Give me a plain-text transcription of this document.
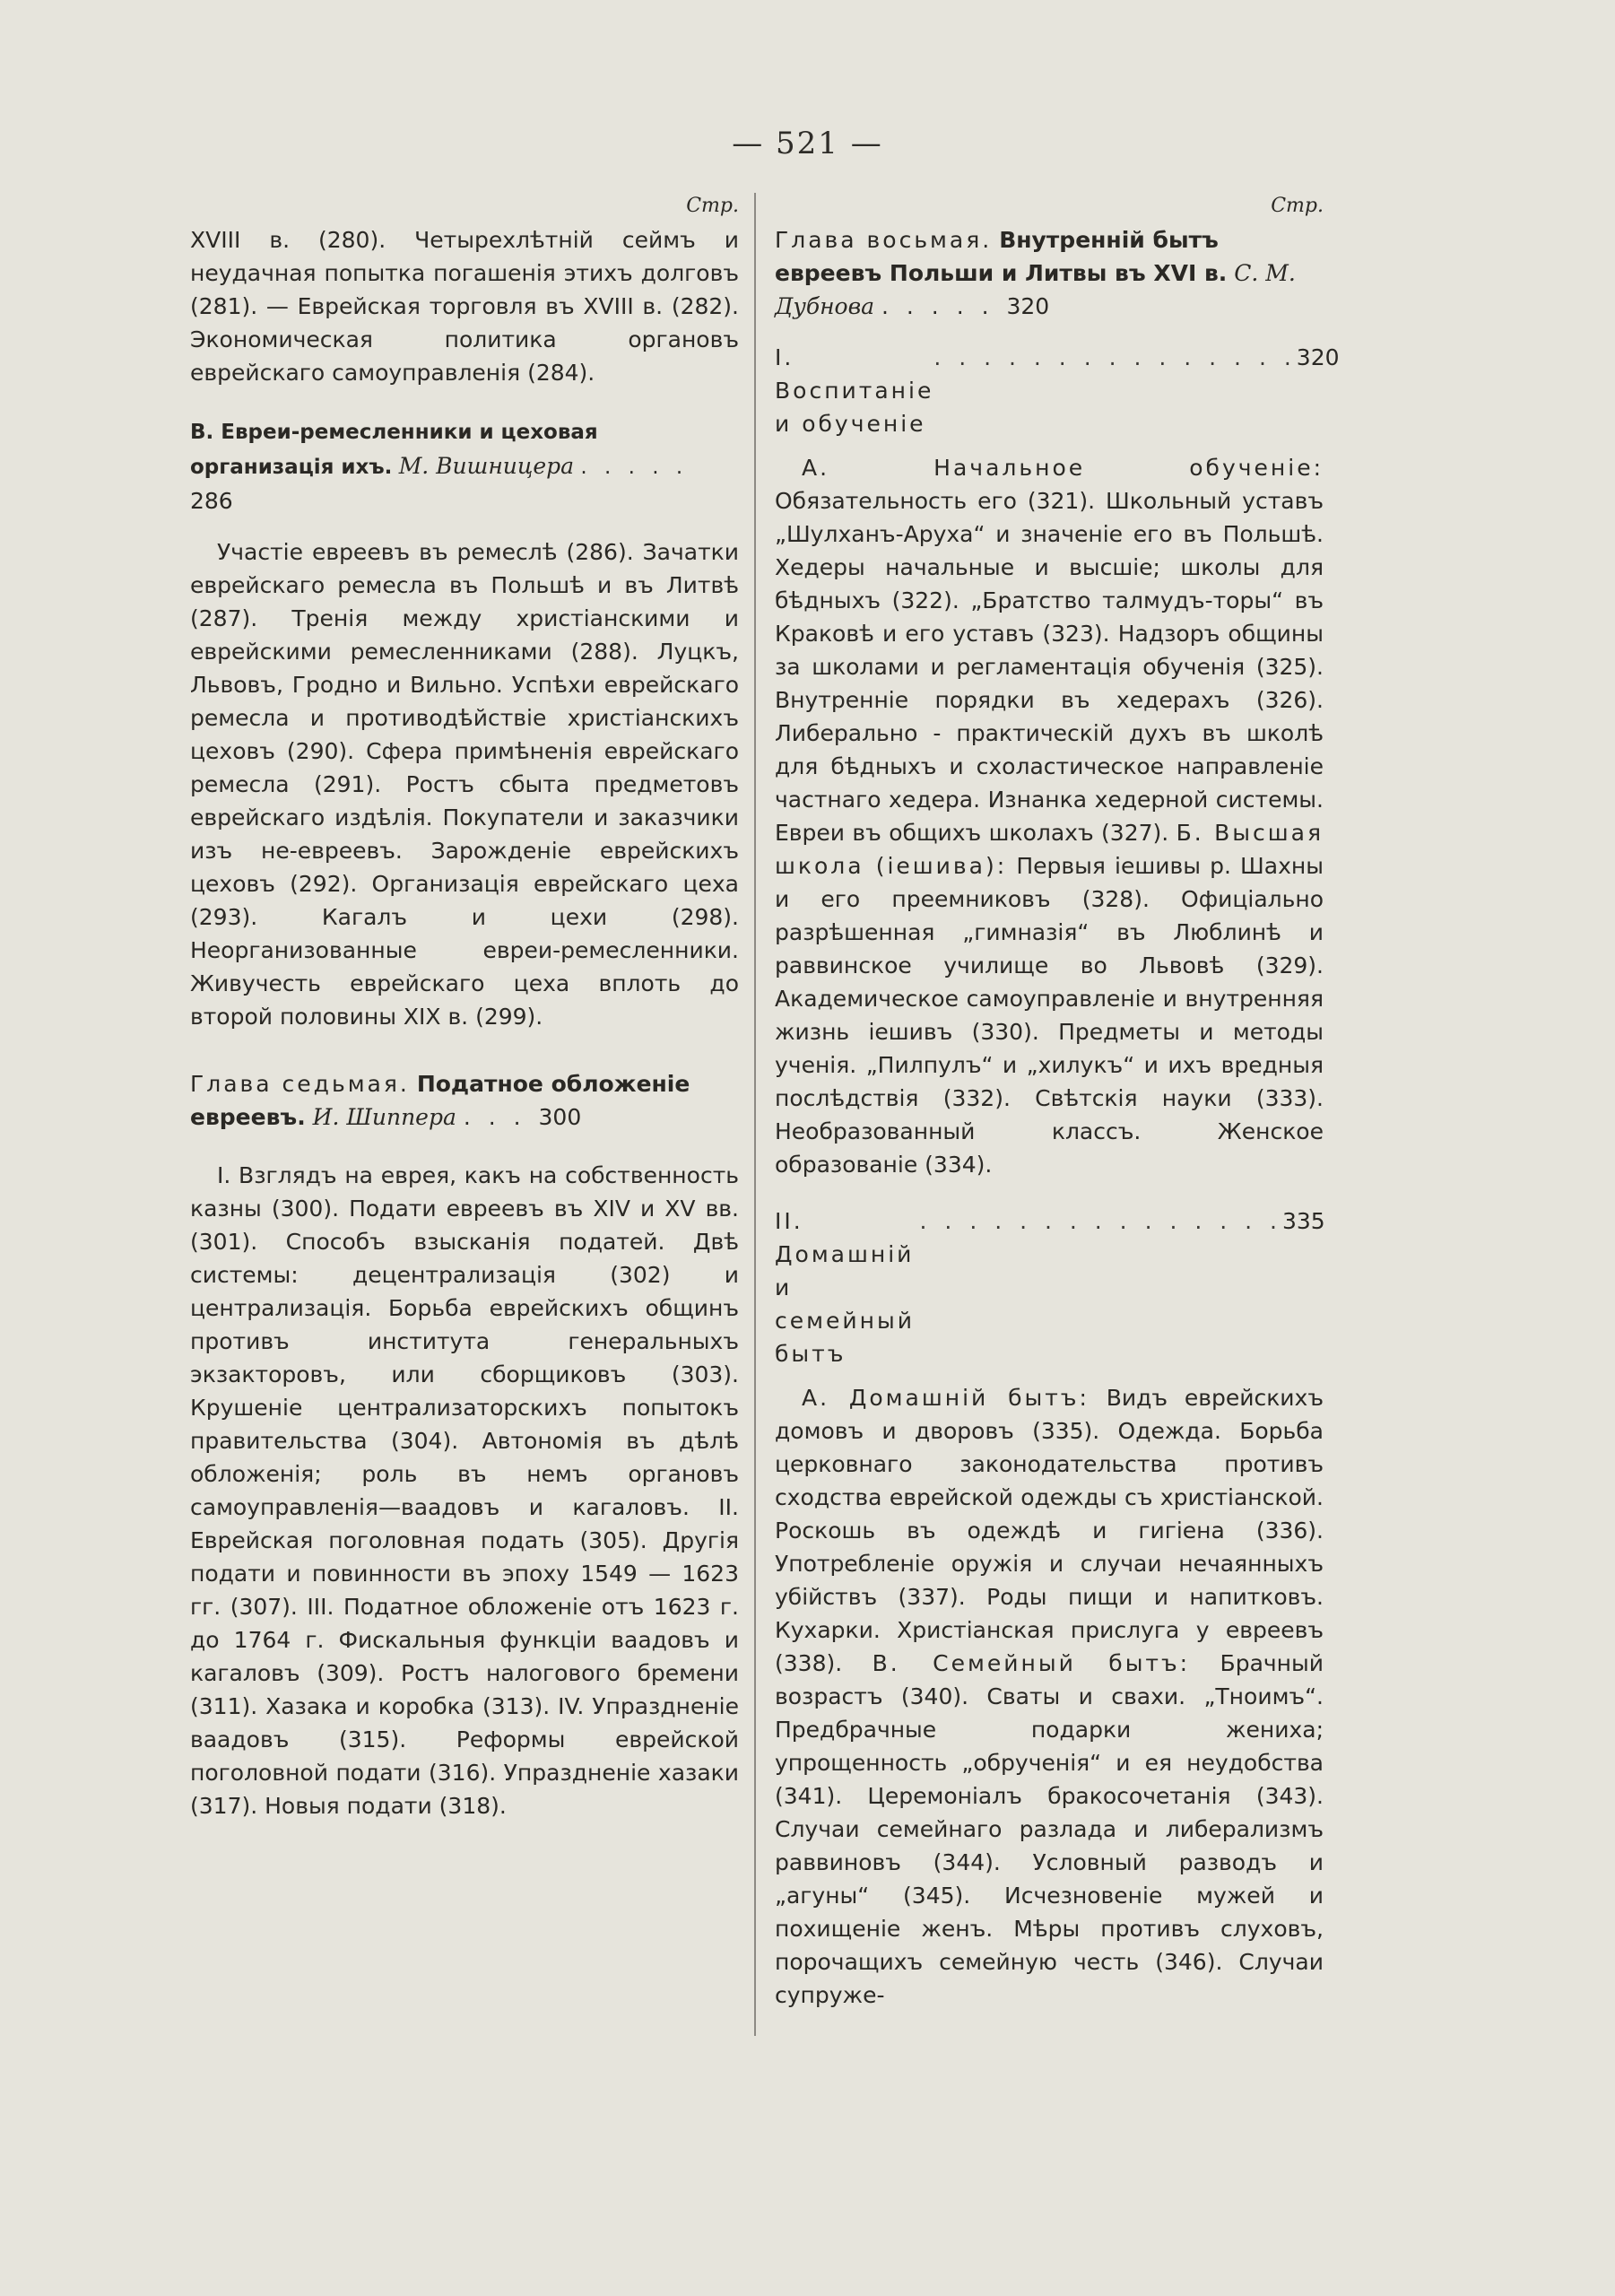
— 521 —
Стр.

XVIII в. (280). Четырехлѣтній сеймъ и неудачная попытка погашенія этихъ долговъ (281). — Еврейская торговля въ XVIII в. (282). Экономическая политика органовъ еврейскаго самоуправленія (284).

В. Евреи-ремесленники и цеховая организація ихъ. М. Вишницера . . . . . 286

Участіе евреевъ въ ремеслѣ (286). Зачатки еврейскаго ремесла въ Польшѣ и въ Литвѣ (287). Тренія между христіанскими и еврейскими ремесленниками (288). Луцкъ, Львовъ, Гродно и Вильно. Успѣхи еврейскаго ремесла и противодѣйствіе христіанскихъ цеховъ (290). Сфера примѣненія еврейскаго ремесла (291). Ростъ сбыта предметовъ еврейскаго издѣлія. Покупатели и заказчики изъ не-евреевъ. Зарожденіе еврейскихъ цеховъ (292). Организація еврейскаго цеха (293). Кагалъ и цехи (298). Неорганизованные евреи-ремесленники. Живучесть еврейскаго цеха вплоть до второй половины XIX в. (299).

Глава седьмая. Податное обложеніе евреевъ. И. Шиппера . . . 300

I. Взглядъ на еврея, какъ на собственность казны (300). Подати евреевъ въ XIV и XV вв. (301). Способъ взысканія податей. Двѣ системы: децентрализація (302) и централизація. Борьба еврейскихъ общинъ противъ института генеральныхъ экзакторовъ, или сборщиковъ (303). Крушеніе централизаторскихъ попытокъ правительства (304). Автономія въ дѣлѣ обложенія; роль въ немъ органовъ самоуправленія—ваадовъ и кагаловъ. II. Еврейская поголовная подать (305). Другія подати и повинности въ эпоху 1549 — 1623 гг. (307). III. Податное обложеніе отъ 1623 г. до 1764 г. Фискальныя функціи ваадовъ и кагаловъ (309). Ростъ налогового бремени (311). Хазака и коробка (313). IV. Упраздненіе ваадовъ (315). Реформы еврейской поголовной подати (316). Упраздненіе хазаки (317). Новыя подати (318).

Стр.
Глава восьмая. Внутренній бытъ евреевъ Польши и Литвы въ XVI в. С. М. Дубнова . . . . . 320
I. Воспитаніе и обученіе
. . . . . . . . . . . . . . . 320

А. Начальное обученіе: Обязательность его (321). Школьный уставъ „Шулханъ-Аруха“ и значеніе его въ Польшѣ. Хедеры начальные и высшіе; школы для бѣдныхъ (322). „Братство талмудъ-торы“ въ Краковѣ и его уставъ (323). Надзоръ общины за школами и регламентація обученія (325). Внутренніе порядки въ хедерахъ (326). Либерально - практическій духъ въ школѣ для бѣдныхъ и схоластическое направленіе частнаго хедера. Изнанка хедерной системы. Евреи въ общихъ школахъ (327). Б. Высшая школа (іешива): Первыя іешивы р. Шахны и его преемниковъ (328). Офиціально разрѣшенная „гимназія“ въ Люблинѣ и раввинское училище во Львовѣ (329). Академическое самоуправленіе и внутренняя жизнь іешивъ (330). Предметы и методы ученія. „Пилпулъ“ и „хилукъ“ и ихъ вредныя послѣдствія (332). Свѣтскія науки (333). Необразованный классъ. Женское образованіе (334).

II. Домашній и семейный бытъ
. . . . . . . . . . . . . . . 335

А. Домашній бытъ: Видъ еврейскихъ домовъ и дворовъ (335). Одежда. Борьба церковнаго законодательства противъ сходства еврейской одежды съ христіанской. Роскошь въ одеждѣ и гигіена (336). Употребленіе оружія и случаи нечаянныхъ убійствъ (337). Роды пищи и напитковъ. Кухарки. Христіанская прислуга у евреевъ (338). В. Семейный бытъ: Брачный возрастъ (340). Сваты и свахи. „Тноимъ“. Предбрачные подарки жениха; упрощенность „обрученія“ и ея неудобства (341). Церемоніалъ бракосочетанія (343). Случаи семейнаго разлада и либерализмъ раввиновъ (344). Условный разводъ и „агуны“ (345). Исчезновеніе мужей и похищеніе женъ. Мѣры противъ слуховъ, порочащихъ семейную честь (346). Случаи супруже-
